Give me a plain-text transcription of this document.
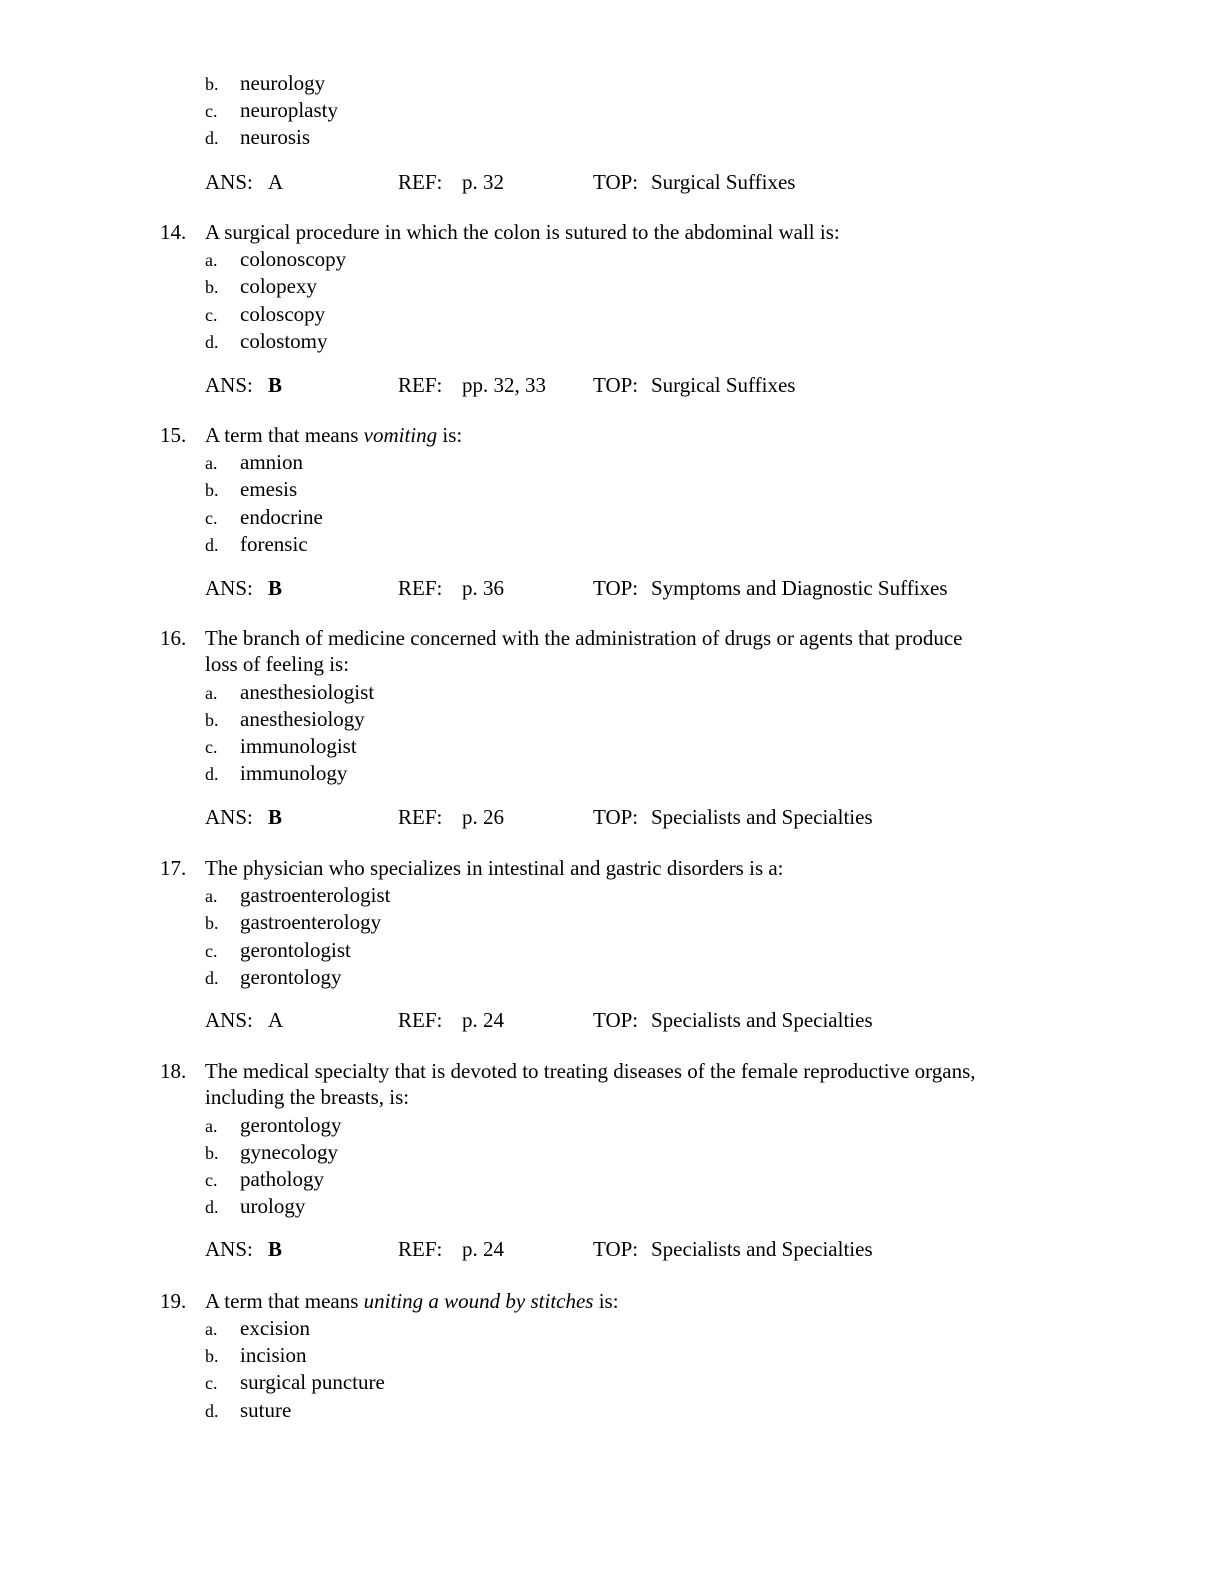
b. neurology
c. neuroplasty
d. neurosis
ANS: A	REF: p. 32	TOP: Surgical Suffixes
14. A surgical procedure in which the colon is sutured to the abdominal wall is:
a. colonoscopy
b. colopexy
c. coloscopy
d. colostomy
ANS: B	REF: pp. 32, 33 TOP: Surgical Suffixes
15. A term that means vomiting is:
a. amnion
b. emesis
c. endocrine
d. forensic
ANS: B	REF: p. 36	TOP: Symptoms and Diagnostic Suffixes
16. The branch of medicine concerned with the administration of drugs or agents that produce
loss of feeling is:
a. anesthesiologist
b. anesthesiology
c. immunologist
d. immunology
ANS: B	REF: p. 26	TOP: Specialists and Specialties
17. The physician who specializes in intestinal and gastric disorders is a:
a. gastroenterologist
b. gastroenterology
c. gerontologist
d. gerontology
ANS: A	REF: p. 24	TOP: Specialists and Specialties
18. The medical specialty that is devoted to treating diseases of the female reproductive organs,
including the breasts, is:
a. gerontology
b. gynecology
c. pathology
d. urology
ANS: B	REF: p. 24	TOP: Specialists and Specialties
19. A term that means uniting a wound by stitches is:
a. excision
b. incision
c. surgical puncture
d. suture
